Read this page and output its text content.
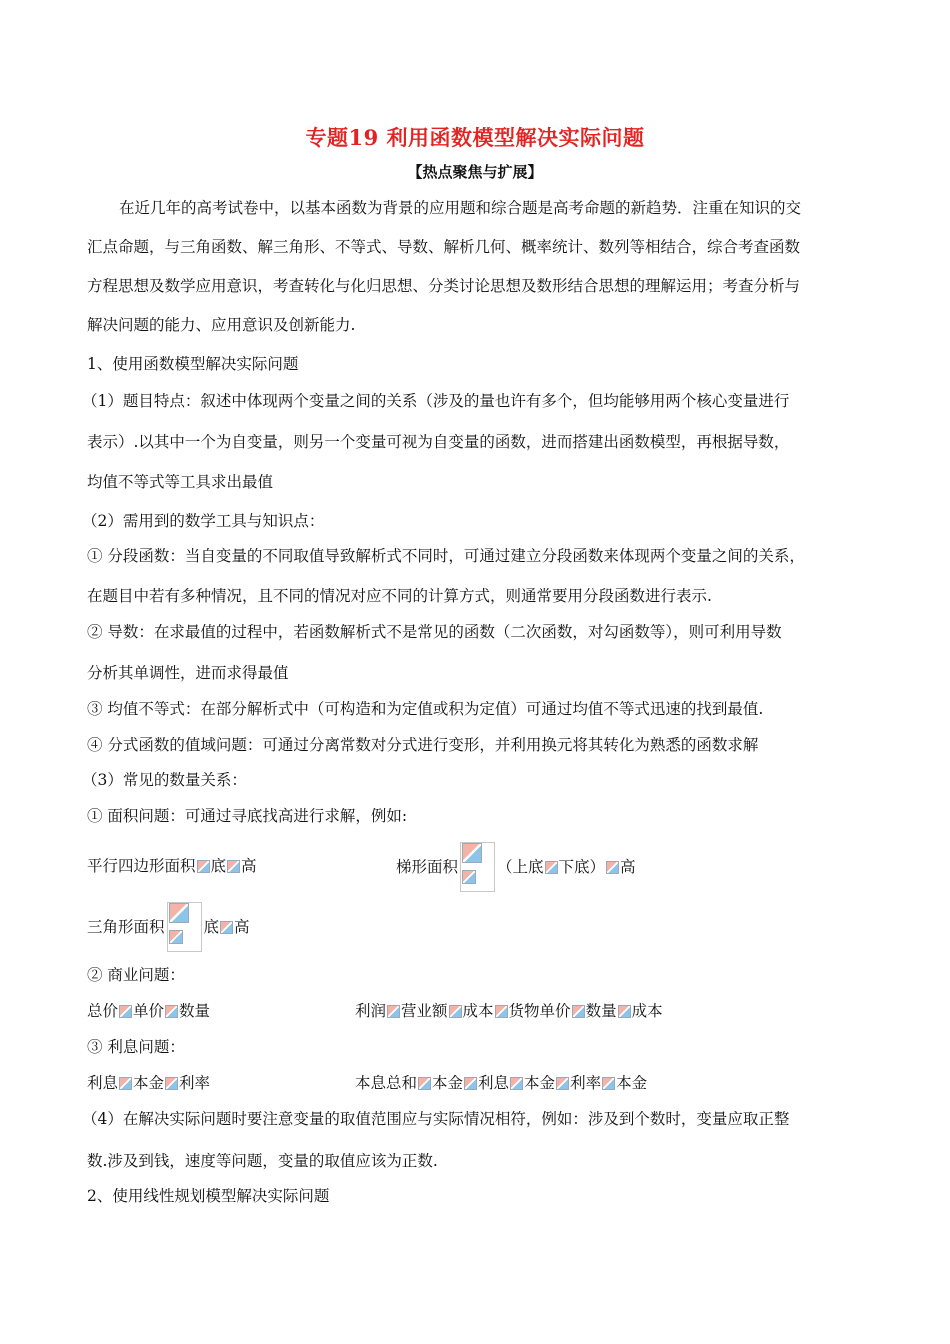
专题19 利用函数模型解决实际问题
【热点聚焦与扩展】
在近几年的高考试卷中，以基本函数为背景的应用题和综合题是高考命题的新趋势．注重在知识的交
汇点命题，与三角函数、解三角形、不等式、导数、解析几何、概率统计、数列等相结合，综合考查函数
方程思想及数学应用意识，考查转化与化归思想、分类讨论思想及数形结合思想的理解运用；考查分析与
解决问题的能力、应用意识及创新能力.
1、使用函数模型解决实际问题
（1）题目特点：叙述中体现两个变量之间的关系（涉及的量也许有多个，但均能够用两个核心变量进行
表示）.以其中一个为自变量，则另一个变量可视为自变量的函数，进而搭建出函数模型，再根据导数，
均值不等式等工具求出最值
（2）需用到的数学工具与知识点：
① 分段函数：当自变量的不同取值导致解析式不同时，可通过建立分段函数来体现两个变量之间的关系，
在题目中若有多种情况，且不同的情况对应不同的计算方式，则通常要用分段函数进行表示.
② 导数：在求最值的过程中，若函数解析式不是常见的函数（二次函数，对勾函数等），则可利用导数
分析其单调性，进而求得最值
③ 均值不等式：在部分解析式中（可构造和为定值或积为定值）可通过均值不等式迅速的找到最值.
④ 分式函数的值域问题：可通过分离常数对分式进行变形，并利用换元将其转化为熟悉的函数求解
（3）常见的数量关系：
① 面积问题：可通过寻底找高进行求解，例如:
平行四边形面积 底 高	梯形面积	（上底 下底） 高
三角形面积	底 高
② 商业问题：
总价 单价 数量	利润 营业额 成本 货物单价 数量 成本
③ 利息问题：
利息 本金 利率	本息总和 本金 利息 本金 利率 本金
（4）在解决实际问题时要注意变量的取值范围应与实际情况相符，例如：涉及到个数时，变量应取正整
数.涉及到钱，速度等问题，变量的取值应该为正数.
2、使用线性规划模型解决实际问题
